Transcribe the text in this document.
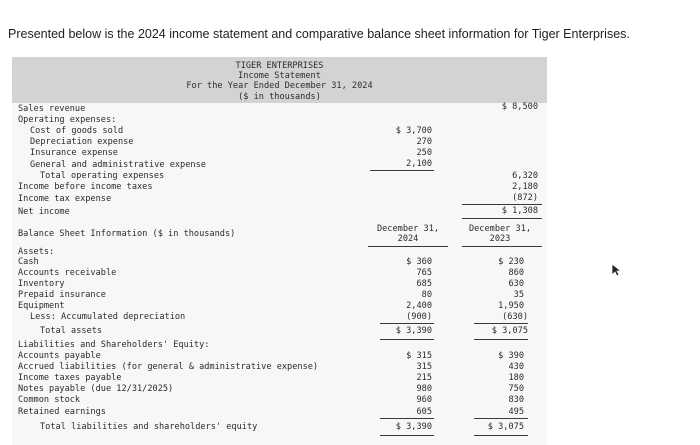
Presented below is the 2024 income statement and comparative balance sheet information for Tiger Enterprises.
TIGER ENTERPRISES
Income Statement
For the Year Ended December 31, 2024
($ in thousands)
Sales revenue
Operating expenses:
Cost of goods sold
Depreciation expense
Insurance expense
General and administrative expense
Total operating expenses
Income before income taxes
Income tax expense
Net income
$ 8,500
$ 3,700
270
250
2,100
6,320
2,180
(872)
$ 1,308
Balance Sheet Information ($ in thousands)	December 31,
2024
December 31,
2023
Assets:
Cash
Accounts receivable
Inventory
Prepaid insurance
Equipment
Less: Accumulated depreciation
Total assets
$ 360
765
685
80
2,400
(900)
$ 3,390
$ 230
860
630
35
1,950
(630)
$ 3,075
Liabilities and Shareholders' Equity:
Accounts payable
Accrued liabilities (for general & administrative expense)
Income taxes payable
Notes payable (due 12/31/2025)
Common stock
Retained earnings
Total liabilities and shareholders' equity
$ 315
315
215
980
960
605
$ 3,390
$ 390
430
180
750
830
495
$ 3,075
